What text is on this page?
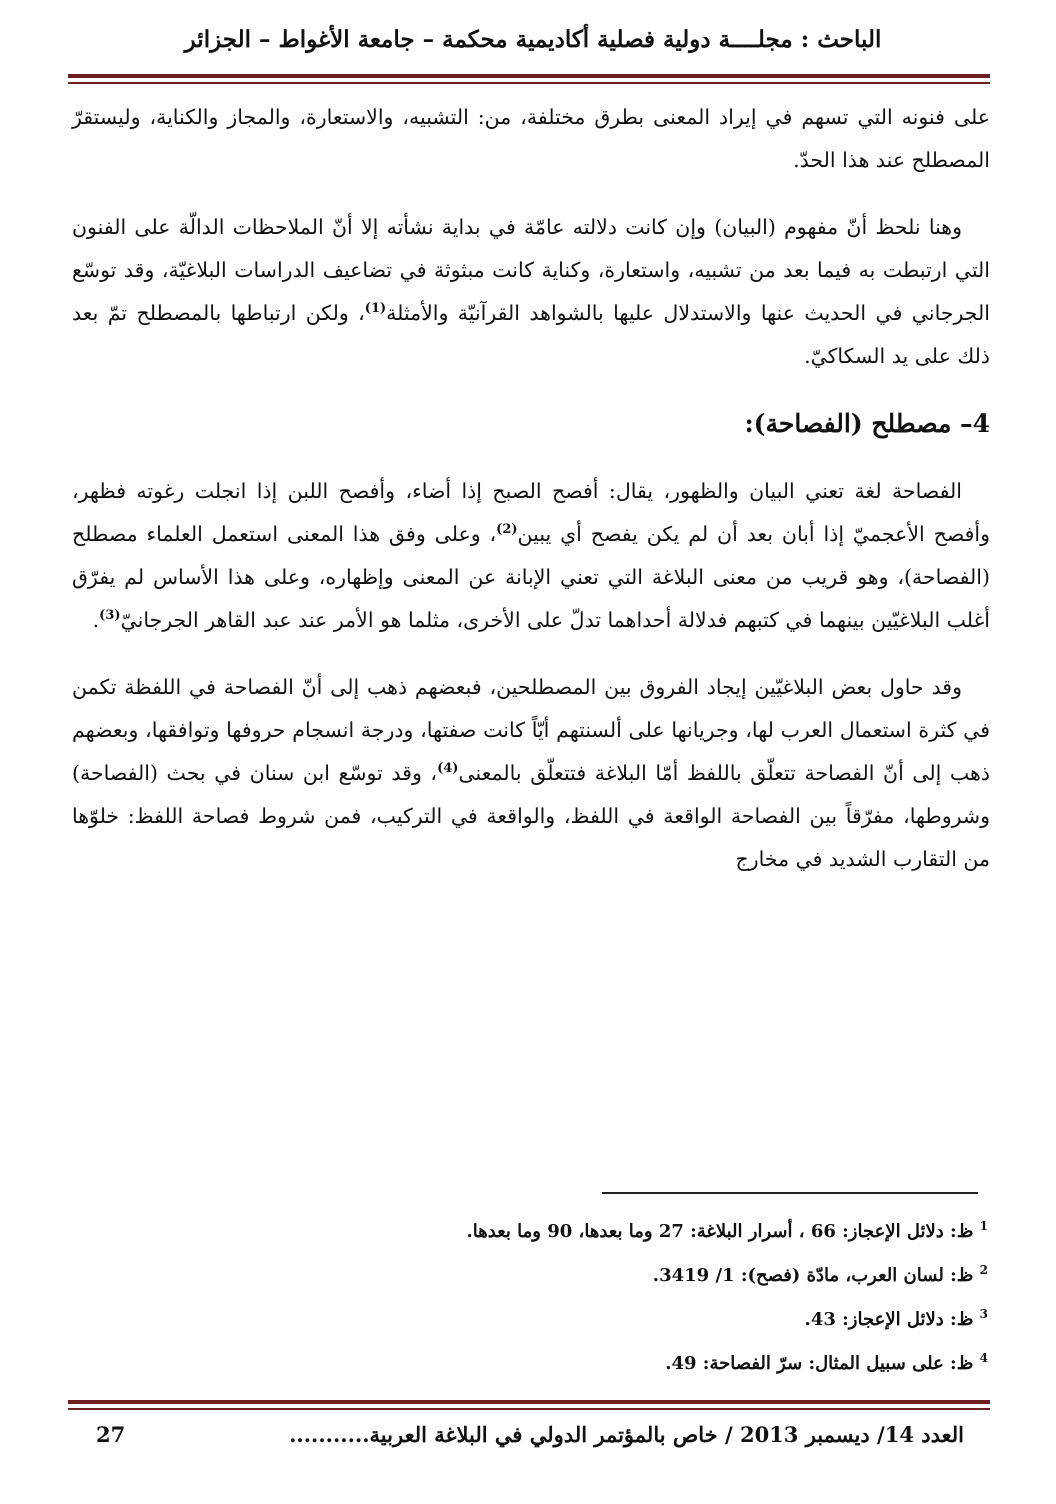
الباحث : مجلــــة دولية فصلية أكاديمية محكمة – جامعة الأغواط – الجزائر

على فنونه التي تسهم في إيراد المعنى بطرق مختلفة، من: التشبيه، والاستعارة، والمجاز والكناية، وليستقرّ المصطلح عند هذا الحدّ.

وهنا نلحظ أنّ مفهوم (البيان) وإن كانت دلالته عامّة في بداية نشأته إلا أنّ الملاحظات الدالّة على الفنون التي ارتبطت به فيما بعد من تشبيه، واستعارة، وكناية كانت مبثوثة في تضاعيف الدراسات البلاغيّة، وقد توسّع الجرجاني في الحديث عنها والاستدلال عليها بالشواهد القرآنيّة والأمثلة$^{(1)}$، ولكن ارتباطها بالمصطلح تمّ بعد ذلك على يد السكاكيّ.

4– مصطلح (الفصاحة):

الفصاحة لغة تعني البيان والظهور، يقال: أفصح الصبح إذا أضاء، وأفصح اللبن إذا انجلت رغوته فظهر، وأفصح الأعجميّ إذا أبان بعد أن لم يكن يفصح أي يبين$^{(2)}$، وعلى وفق هذا المعنى استعمل العلماء مصطلح (الفصاحة)، وهو قريب من معنى البلاغة التي تعني الإبانة عن المعنى وإظهاره، وعلى هذا الأساس لم يفرّق أغلب البلاغيّين بينهما في كتبهم فدلالة أحداهما تدلّ على الأخرى، مثلما هو الأمر عند عبد القاهر الجرجانيّ$^{(3)}$.

وقد حاول بعض البلاغيّين إيجاد الفروق بين المصطلحين، فبعضهم ذهب إلى أنّ الفصاحة في اللفظة تكمن في كثرة استعمال العرب لها، وجريانها على ألسنتهم أيّاً كانت صفتها، ودرجة انسجام حروفها وتوافقها، وبعضهم ذهب إلى أنّ الفصاحة تتعلّق باللفظ أمّا البلاغة فتتعلّق بالمعنى$^{(4)}$، وقد توسّع ابن سنان في بحث (الفصاحة) وشروطها، مفرّقاً بين الفصاحة الواقعة في اللفظ، والواقعة في التركيب، فمن شروط فصاحة اللفظ: خلوّها من التقارب الشديد في مخارج

$^1$ ظ: دلائل الإعجاز: 66 ، أسرار البلاغة: 27 وما بعدها، 90 وما بعدها.
$^2$ ظ: لسان العرب، مادّة (فصح): 1/ 3419.
$^3$ ظ: دلائل الإعجاز: 43.
$^4$ ظ: على سبيل المثال: سرّ الفصاحة: 49.
العدد 14/ ديسمبر 2013 / خاص بالمؤتمر الدولي في البلاغة العربية...........
27
